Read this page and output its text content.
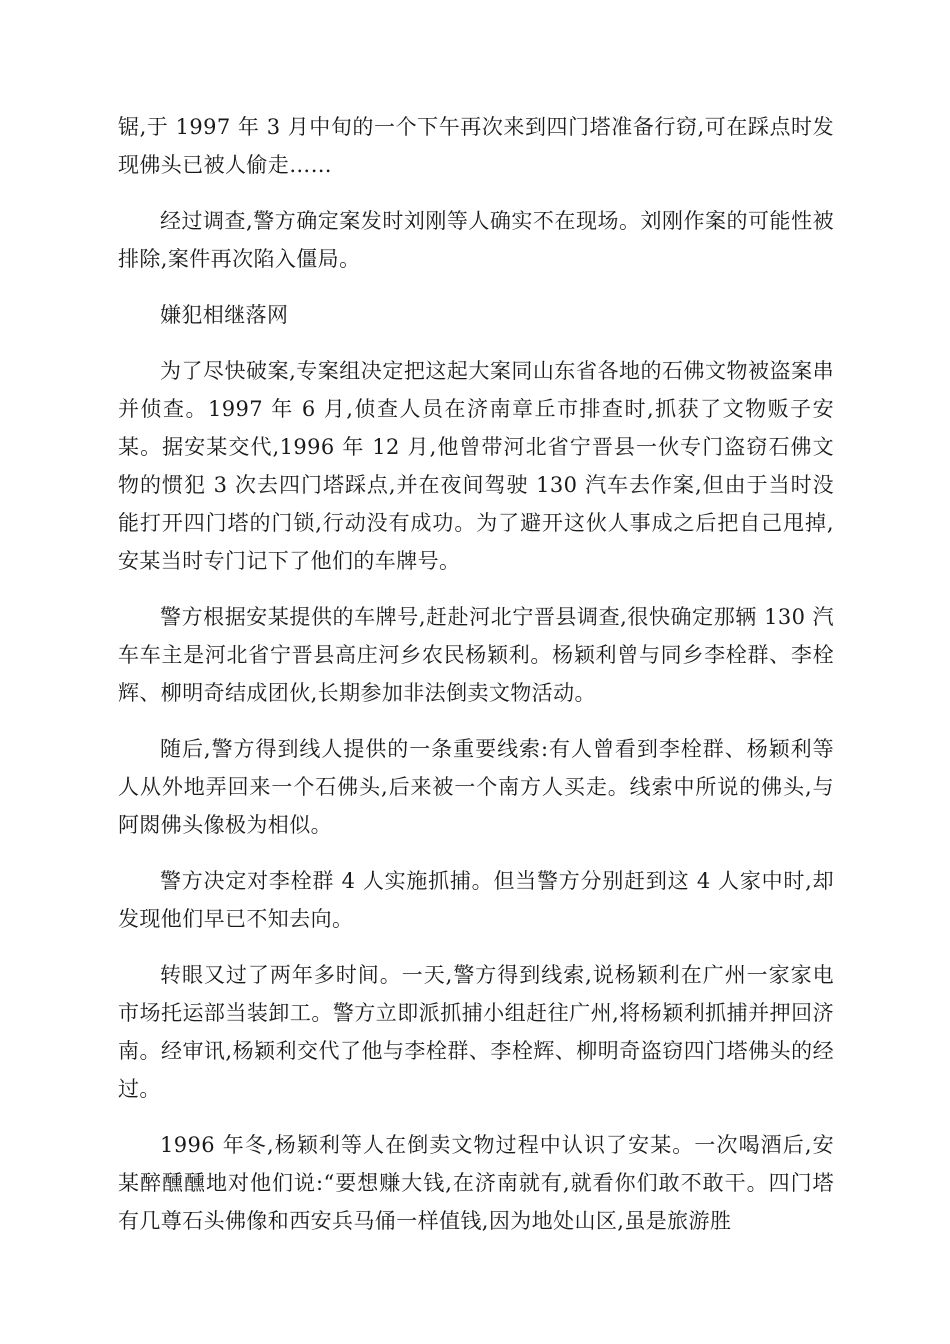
锯,于 1997 年 3 月中旬的一个下午再次来到四门塔准备行窃,可在踩点时发现佛头已被人偷走……

经过调查,警方确定案发时刘刚等人确实不在现场。刘刚作案的可能性被排除,案件再次陷入僵局。

嫌犯相继落网

为了尽快破案,专案组决定把这起大案同山东省各地的石佛文物被盗案串并侦查。1997 年 6 月,侦查人员在济南章丘市排查时,抓获了文物贩子安某。据安某交代,1996 年 12 月,他曾带河北省宁晋县一伙专门盗窃石佛文物的惯犯 3 次去四门塔踩点,并在夜间驾驶 130 汽车去作案,但由于当时没能打开四门塔的门锁,行动没有成功。为了避开这伙人事成之后把自己甩掉,安某当时专门记下了他们的车牌号。

警方根据安某提供的车牌号,赶赴河北宁晋县调查,很快确定那辆 130 汽车车主是河北省宁晋县高庄河乡农民杨颖利。杨颖利曾与同乡李栓群、李栓辉、柳明奇结成团伙,长期参加非法倒卖文物活动。

随后,警方得到线人提供的一条重要线索:有人曾看到李栓群、杨颖利等人从外地弄回来一个石佛头,后来被一个南方人买走。线索中所说的佛头,与阿閦佛头像极为相似。

警方决定对李栓群 4 人实施抓捕。但当警方分别赶到这 4 人家中时,却发现他们早已不知去向。

转眼又过了两年多时间。一天,警方得到线索,说杨颖利在广州一家家电市场托运部当装卸工。警方立即派抓捕小组赶往广州,将杨颖利抓捕并押回济南。经审讯,杨颖利交代了他与李栓群、李栓辉、柳明奇盗窃四门塔佛头的经过。

1996 年冬,杨颖利等人在倒卖文物过程中认识了安某。一次喝酒后,安某醉醺醺地对他们说:“要想赚大钱,在济南就有,就看你们敢不敢干。四门塔有几尊石头佛像和西安兵马俑一样值钱,因为地处山区,虽是旅游胜
